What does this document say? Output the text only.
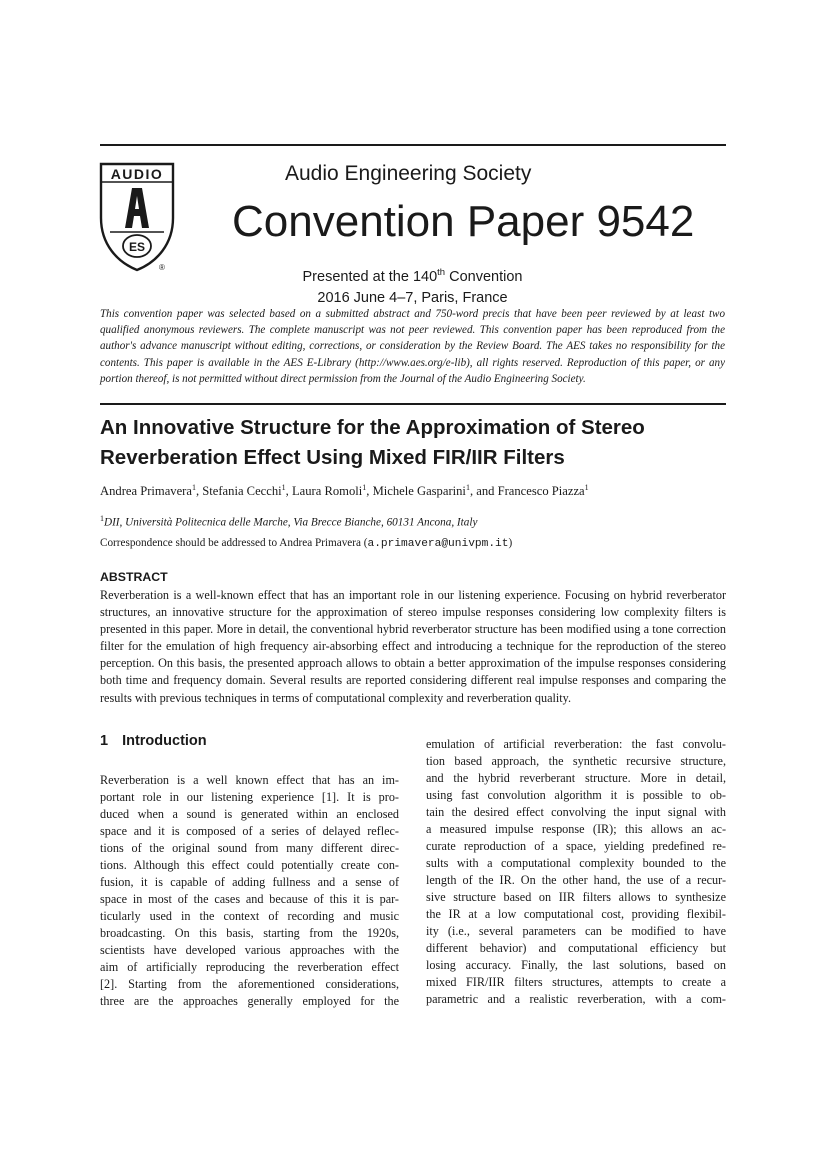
AUDIO
ES
®
Audio Engineering Society
Convention Paper 9542
Presented at the 140th Convention
2016 June 4–7, Paris, France
This convention paper was selected based on a submitted abstract and 750-word precis that have been peer reviewed by at least two qualified anonymous reviewers. The complete manuscript was not peer reviewed. This convention paper has been reproduced from the author's advance manuscript without editing, corrections, or consideration by the Review Board. The AES takes no responsibility for the contents. This paper is available in the AES E-Library (http://www.aes.org/e-lib), all rights reserved. Reproduction of this paper, or any portion thereof, is not permitted without direct permission from the Journal of the Audio Engineering Society.
An Innovative Structure for the Approximation of Stereo
Reverberation Effect Using Mixed FIR/IIR Filters
Andrea Primavera$^1$, Stefania Cecchi$^1$, Laura Romoli$^1$, Michele Gasparini$^1$, and Francesco Piazza$^1$
$^1$DII, Università Politecnica delle Marche, Via Brecce Bianche, 60131 Ancona, Italy
Correspondence should be addressed to Andrea Primavera (a.primavera@univpm.it)
ABSTRACT
Reverberation is a well-known effect that has an important role in our listening experience. Focusing on hybrid reverberator structures, an innovative structure for the approximation of stereo impulse responses considering low complexity filters is presented in this paper. More in detail, the conventional hybrid reverberator structure has been modified using a tone correction filter for the emulation of high frequency air-absorbing effect and introducing a technique for the reproduction of the stereo perception. On this basis, the presented approach allows to obtain a better approximation of the impulse responses considering both time and frequency domain. Several results are reported considering different real impulse responses and comparing the results with previous techniques in terms of computational complexity and reverberation quality.
1 Introduction
Reverberation is a well known effect that has an im-
portant role in our listening experience [1]. It is pro-
duced when a sound is generated within an enclosed
space and it is composed of a series of delayed reflec-
tions of the original sound from many different direc-
tions. Although this effect could potentially create con-
fusion, it is capable of adding fullness and a sense of
space in most of the cases and because of this it is par-
ticularly used in the context of recording and music
broadcasting. On this basis, starting from the 1920s,
scientists have developed various approaches with the
aim of artificially reproducing the reverberation effect
[2]. Starting from the aforementioned considerations,
three are the approaches generally employed for the
emulation of artificial reverberation: the fast convolu-
tion based approach, the synthetic recursive structure,
and the hybrid reverberant structure. More in detail,
using fast convolution algorithm it is possible to ob-
tain the desired effect convolving the input signal with
a measured impulse response (IR); this allows an ac-
curate reproduction of a space, yielding predefined re-
sults with a computational complexity bounded to the
length of the IR. On the other hand, the use of a recur-
sive structure based on IIR filters allows to synthesize
the IR at a low computational cost, providing flexibil-
ity (i.e., several parameters can be modified to have
different behavior) and computational efficiency but
losing accuracy. Finally, the last solutions, based on
mixed FIR/IIR filters structures, attempts to create a
parametric and a realistic reverberation, with a com-
